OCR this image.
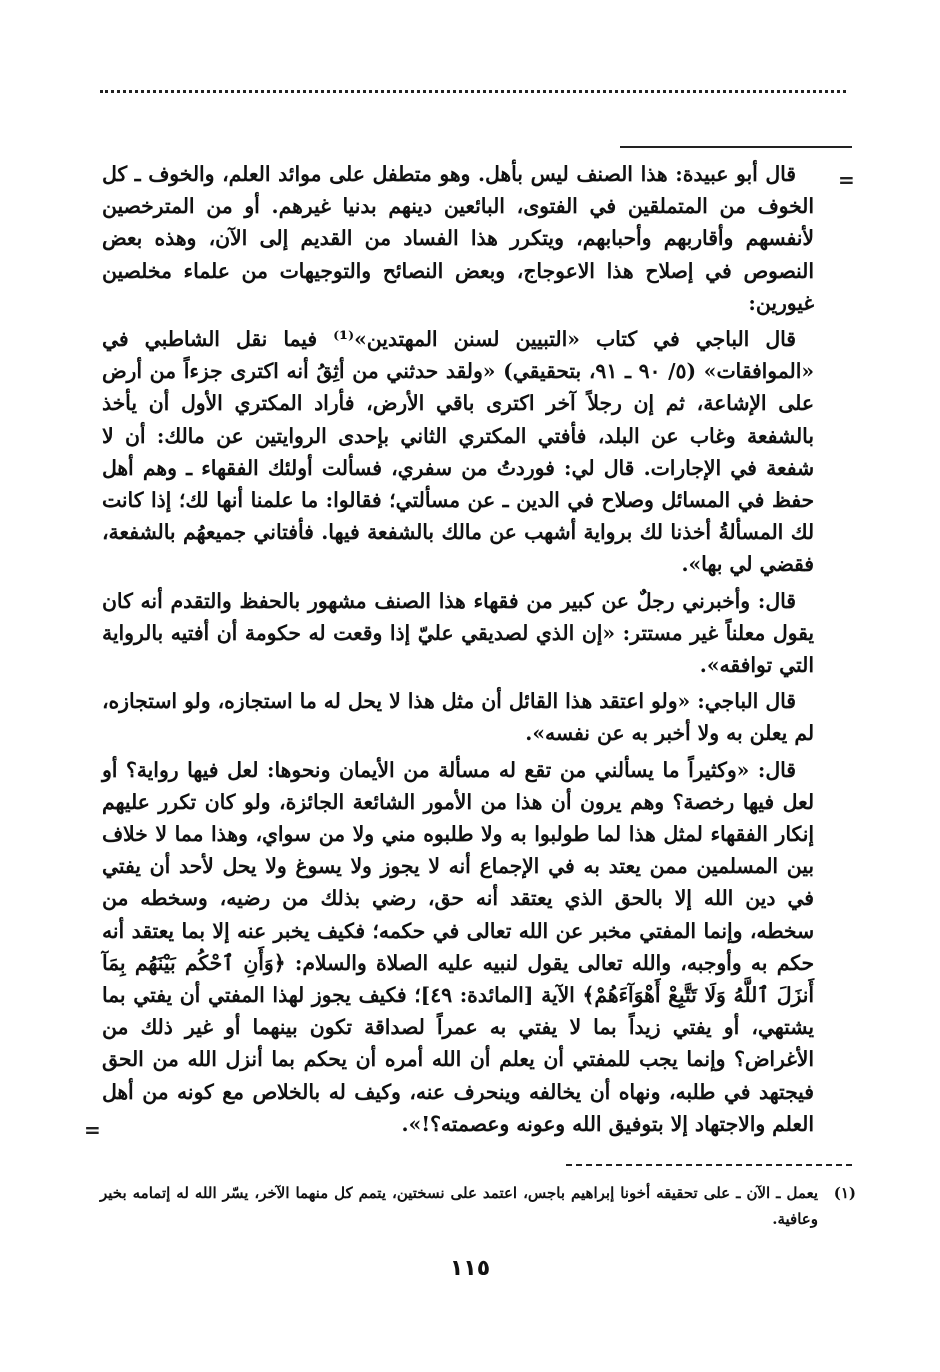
=
=

قال أبو عبيدة: هذا الصنف ليس بأهل. وهو متطفل على موائد العلم، والخوف ـ كل الخوف من المتملقين في الفتوى، البائعين دينهم بدنيا غيرهم. أو من المترخصين لأنفسهم وأقاربهم وأحبابهم، ويتكرر هذا الفساد من القديم إلى الآن، وهذه بعض النصوص في إصلاح هذا الاعوجاج، وبعض النصائح والتوجيهات من علماء مخلصين غيورين:

قال الباجي في كتاب «التبيين لسنن المهتدين»⁽¹⁾ فيما نقل الشاطبي في «الموافقات» (٥/ ٩٠ ـ ٩١، بتحقيقي) «ولقد حدثني من أثِقُ أنه اكترى جزءاً من أرض على الإشاعة، ثم إن رجلاً آخر اكترى باقي الأرض، فأراد المكتري الأول أن يأخذ بالشفعة وغاب عن البلد، فأفتي المكتري الثاني بإحدى الروايتين عن مالك: أن لا شفعة في الإجارات. قال لي: فوردتُ من سفري، فسألت أولئك الفقهاء ـ وهم أهل حفظ في المسائل وصلاح في الدين ـ عن مسألتي؛ فقالوا: ما علمنا أنها لك؛ إذا كانت لك المسألةُ أخذنا لك برواية أشهب عن مالك بالشفعة فيها. فأفتاني جميعهُم بالشفعة، فقضي لي بها».

قال: وأخبرني رجلٌ عن كبير من فقهاء هذا الصنف مشهور بالحفظ والتقدم أنه كان يقول معلناً غير مستتر: «إن الذي لصديقي عليّ إذا وقعت له حكومة أن أفتيه بالرواية التي توافقه».

قال الباجي: «ولو اعتقد هذا القائل أن مثل هذا لا يحل له ما استجازه، ولو استجازه، لم يعلن به ولا أخبر به عن نفسه».

قال: «وكثيراً ما يسألني من تقع له مسألة من الأيمان ونحوها: لعل فيها رواية؟ أو لعل فيها رخصة؟ وهم يرون أن هذا من الأمور الشائعة الجائزة، ولو كان تكرر عليهم إنكار الفقهاء لمثل هذا لما طولبوا به ولا طلبوه مني ولا من سواي، وهذا مما لا خلاف بين المسلمين ممن يعتد به في الإجماع أنه لا يجوز ولا يسوغ ولا يحل لأحد أن يفتي في دين الله إلا بالحق الذي يعتقد أنه حق، رضي بذلك من رضيه، وسخطه من سخطه، وإنما المفتي مخبر عن الله تعالى في حكمه؛ فكيف يخبر عنه إلا بما يعتقد أنه حكم به وأوجبه، والله تعالى يقول لنبيه عليه الصلاة والسلام: ﴿وَأَنِ ٱحْكُم بَيْنَهُم بِمَآ أَنزَلَ ٱللَّهُ وَلَا تَتَّبِعْ أَهْوَآءَهُمْ﴾ الآية [المائدة: ٤٩]؛ فكيف يجوز لهذا المفتي أن يفتي بما يشتهي، أو يفتي زيداً بما لا يفتي به عمراً لصداقة تكون بينهما أو غير ذلك من الأغراض؟ وإنما يجب للمفتي أن يعلم أن الله أمره أن يحكم بما أنزل الله من الحق فيجتهد في طلبه، ونهاه أن يخالفه وينحرف عنه، وكيف له بالخلاص مع كونه من أهل العلم والاجتهاد إلا بتوفيق الله وعونه وعصمته؟!».

(١)
يعمل ـ الآن ـ على تحقيقه أخونا إبراهيم باجس، اعتمد على نسختين، يتمم كل منهما الآخر، يسّر الله له إتمامه بخير وعافية.
١١٥
